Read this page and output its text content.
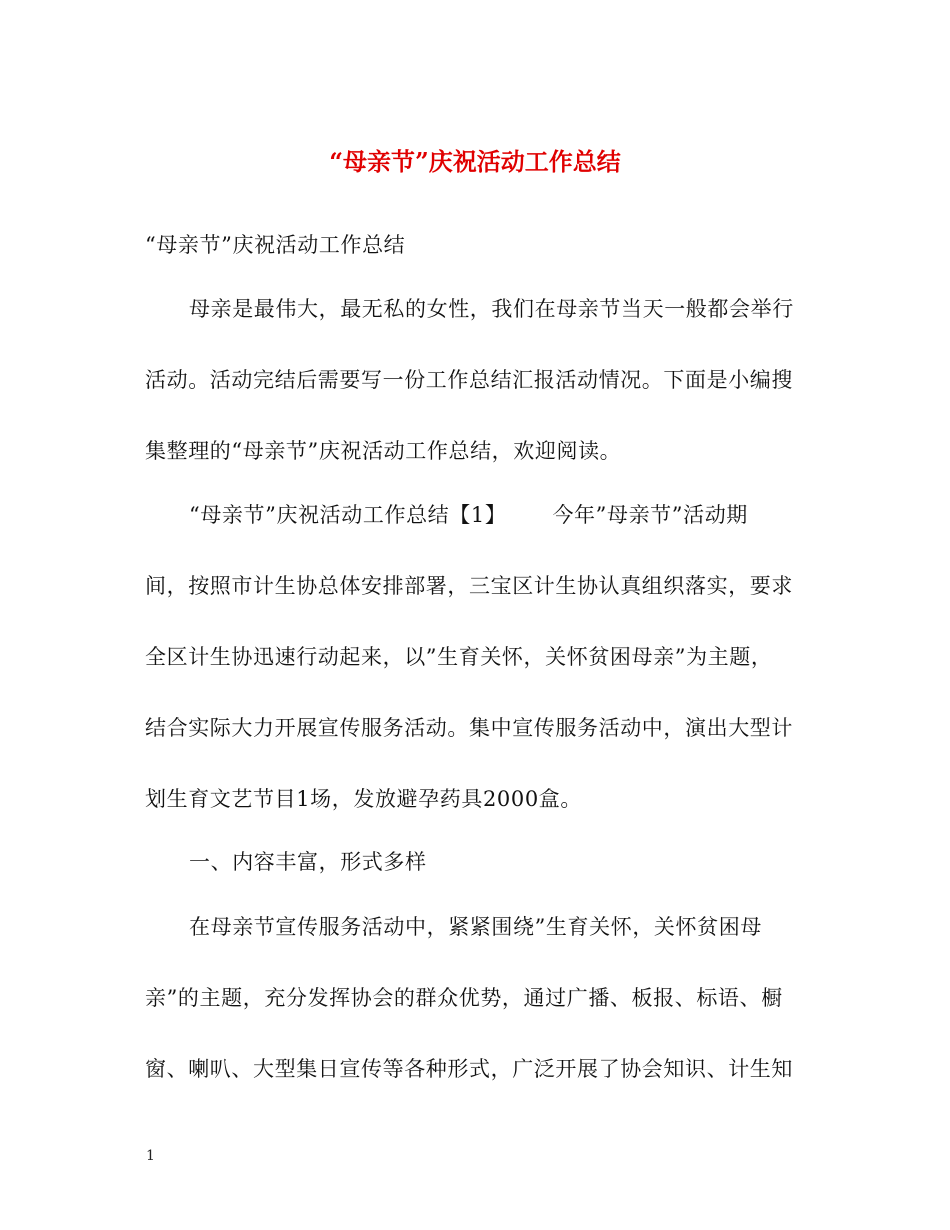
“母亲节”庆祝活动工作总结
“母亲节”庆祝活动工作总结
母亲是最伟大，最无私的女性，我们在母亲节当天一般都会举行
活动。活动完结后需要写一份工作总结汇报活动情况。下面是小编搜
集整理的“母亲节”庆祝活动工作总结，欢迎阅读。
“母亲节”庆祝活动工作总结【1】 今年”母亲节”活动期
间，按照市计生协总体安排部署，三宝区计生协认真组织落实，要求
全区计生协迅速行动起来，以”生育关怀，关怀贫困母亲”为主题，
结合实际大力开展宣传服务活动。集中宣传服务活动中，演出大型计
划生育文艺节目1场，发放避孕药具2000盒。
一、内容丰富，形式多样
在母亲节宣传服务活动中，紧紧围绕”生育关怀，关怀贫困母
亲”的主题，充分发挥协会的群众优势，通过广播、板报、标语、橱
窗、喇叭、大型集日宣传等各种形式，广泛开展了协会知识、计生知
1
